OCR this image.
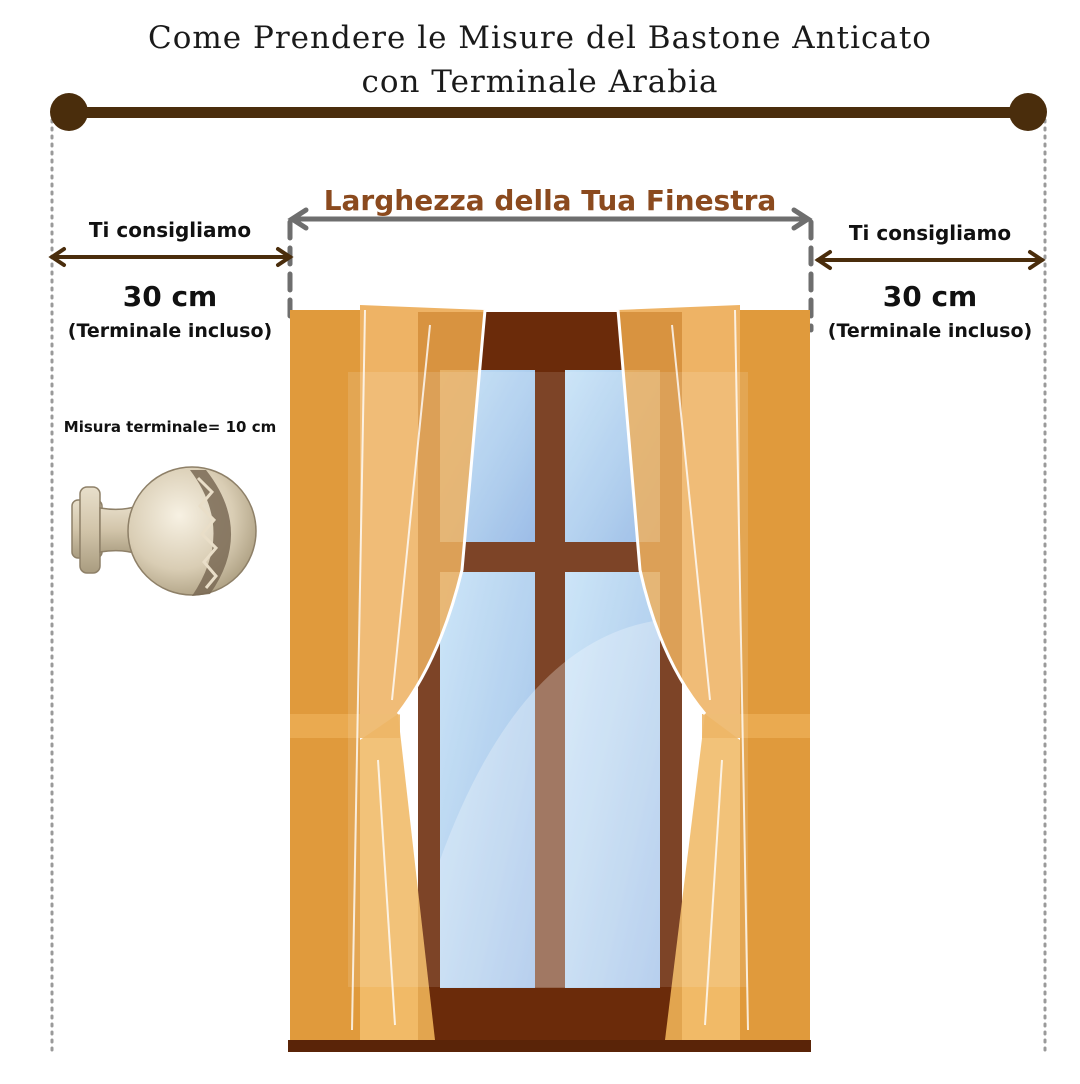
Come Prendere le Misure del Bastone Anticato
con Terminale Arabia
Larghezza della Tua Finestra
Ti consigliamo
30 cm
(Terminale incluso)
Ti consigliamo
30 cm
(Terminale incluso)
Misura terminale= 10 cm
